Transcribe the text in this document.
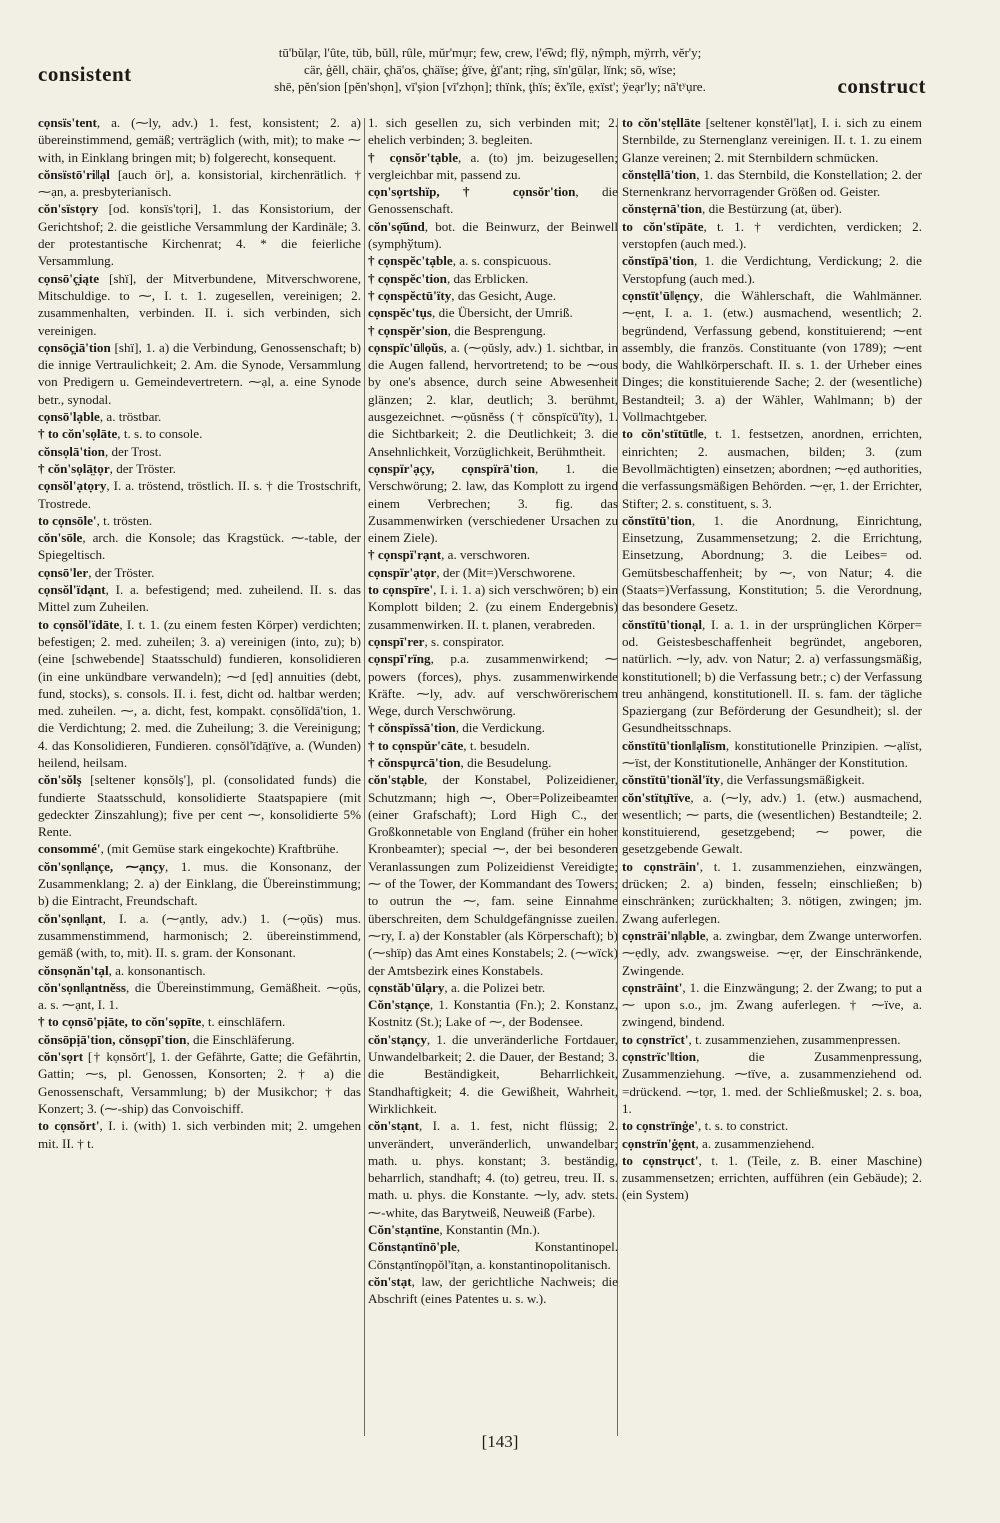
consistent
tū'bŭlạr, l'ûte, tŭb, bŭll, rûle, mŭr'mụr; few, crew, l'e͡wd; flÿ, nŷmph, mÿrrh, vĕr'y;
cär, ģĕll, chäir, ç̣hā'os, ç̣häïse; ģïve, ģ̣ï'ant; rị̈ng, sïn'gūlạr, lïnk; sō, wïse;
shē, pĕn'sion [pĕn'shọn], vī'șion [vī'zhọn]; thïnk, ţhïs; ĕx'ïle, e̤xïst'; ÿeạr'ly; nā'tʸụre.	construct

cọnsïs'tent, a. (⁓ly, adv.) 1. fest, konsistent; 2. a) übereinstimmend, gemäß; verträglich (with, mit); to make ⁓ with, in Einklang bringen mit; b) folgerecht, konsequent.

cŏnsïstō'ri‖ạl [auch ör], a. konsistorial, kirchenrätlich. † ⁓ạn, a. presbyterianisch.

cŏn'sïstọry [od. konsïs'tọri], 1. das Konsistorium, der Gerichtshof; 2. die geistliche Versammlung der Kardinäle; 3. der protestantische Kirchenrat; 4. * die feierliche Versammlung.

cọnsō'ç̣iąte [shï], der Mitverbundene, Mitverschworene, Mitschuldige. to ⁓, I. t. 1. zugesellen, vereinigen; 2. zusammenhalten, verbinden. II. i. sich verbinden, sich vereinigen.

cọnsōç̣iā'tion [shï], 1. a) die Verbindung, Genossenschaft; b) die innige Vertraulichkeit; 2. Am. die Synode, Versammlung von Predigern u. Gemeindevertretern. ⁓ạl, a. eine Synode betr., synodal.

cọnsō'lạble, a. tröstbar.

† to cŏn'sọlāte, t. s. to console.

cŏnsọlā'tion, der Trost.

† cŏn'sọlā̤tọr, der Tröster.

cọnsŏl'ạtọry, I. a. tröstend, tröstlich. II. s. † die Trostschrift, Trostrede.

to cọnsōle', t. trösten.

cŏn'sōle, arch. die Konsole; das Kragstück. ⁓-table, der Spiegeltisch.

cọnsō'ler, der Tröster.

cọnsŏl'ïdạnt, I. a. befestigend; med. zuheilend. II. s. das Mittel zum Zuheilen.

to cọnsŏl'ïdāte, I. t. 1. (zu einem festen Körper) verdichten; befestigen; 2. med. zuheilen; 3. a) vereinigen (into, zu); b) (eine [schwebende] Staatsschuld) fundieren, konsolidieren (in eine unkündbare verwandeln); ⁓d [ẹd] annuities (debt, fund, stocks), s. consols. II. i. fest, dicht od. haltbar werden; med. zuheilen. ⁓, a. dicht, fest, kompakt. cọnsŏlïdā'tion, 1. die Verdichtung; 2. med. die Zuheilung; 3. die Vereinigung; 4. das Konsolidieren, Fundieren. cọnsŏl'ïdā̤tïve, a. (Wunden) heilend, heilsam.

cŏn'sŏlș [seltener kọnsŏlș'], pl. (consolidated funds) die fundierte Staatsschuld, konsolidierte Staatspapiere (mit gedeckter Zinszahlung); five per cent ⁓, konsolidierte 5% Rente.

consommé', (mit Gemüse stark eingekochte) Kraftbrühe.

cŏn'sọn‖ạnçe, ⁓ạnçy, 1. mus. die Konsonanz, der Zusammenklang; 2. a) der Einklang, die Übereinstimmung; b) die Eintracht, Freundschaft.

cŏn'sọn‖ạnt, I. a. (⁓ạntly, adv.) 1. (⁓ọŭs) mus. zusammenstimmend, harmonisch; 2. übereinstimmend, gemäß (with, to, mit). II. s. gram. der Konsonant.

cŏnsọnăn'tạl, a. konsonantisch.

cŏn'sọn‖ạntnĕss, die Übereinstimmung, Gemäßheit. ⁓ọŭs, a. s. ⁓ạnt, I. 1.

† to cọnsō'pịāte, to cŏn'sọpīte, t. einschläfern.

cŏnsōpịā'tion, cŏnsọpī'tion, die Einschläferung.

cŏn'sọrt [† kọnsŏrt'], 1. der Gefährte, Gatte; die Gefährtin, Gattin; ⁓s, pl. Genossen, Konsorten; 2. † a) die Genossenschaft, Versammlung; b) der Musikchor; † das Konzert; 3. (⁓-ship) das Convoischiff.

to cọnsŏrt', I. i. (with) 1. sich verbinden mit; 2. umgehen mit. II. † t.

1. sich gesellen zu, sich verbinden mit; 2. ehelich verbinden; 3. begleiten.

† cọnsŏr'tạble, a. (to) jm. beizugesellen; vergleichbar mit, passend zu.

cọn'sọrtshïp, † cọnsŏr'tion, die Genossenschaft.

cŏn'sọ̄ŭnd, bot. die Beinwurz, der Beinwell (symphўtum).

† cọnspĕc'tạble, a. s. conspicuous.

† cọnspĕc'tion, das Erblicken.

† cọnspĕctū'ïty, das Gesicht, Auge.

cọnspĕc'tụs, die Übersicht, der Umriß.

† cọnspĕr'sion, die Besprengung.

cọnspïc'ū‖ọŭs, a. (⁓ọŭsly, adv.) 1. sichtbar, in die Augen fallend, hervortretend; to be ⁓ous by one's absence, durch seine Abwesenheit glänzen; 2. klar, deutlich; 3. berühmt, ausgezeichnet. ⁓ọŭsnĕss († cŏnspïcū'ïty), 1. die Sichtbarkeit; 2. die Deutlichkeit; 3. die Ansehnlichkeit, Vorzüglichkeit, Berühmtheit.

cọnspïr'ạçy, cọnspïrā'tion, 1. die Verschwörung; 2. law, das Komplott zu irgend einem Verbrechen; 3. fig. das Zusammenwirken (verschiedener Ursachen zu einem Ziele).

† cọnspï'rạnt, a. verschworen.

cọnspïr'ạtọr, der (Mit=)Verschworene.

to cọnspīre', I. i. 1. a) sich verschwören; b) ein Komplott bilden; 2. (zu einem Endergebnis) zusammenwirken. II. t. planen, verabreden.

cọnspī'rer, s. conspirator.

cọnspī'rïng, p.a. zusammenwirkend; ⁓ powers (forces), phys. zusammenwirkende Kräfte. ⁓ly, adv. auf verschwörerischem Wege, durch Verschwörung.

† cŏnspïssā'tion, die Verdickung.

† to cọnspŭr'cāte, t. besudeln.

† cŏnspụrcā'tion, die Besudelung.

cŏn'stạble, der Konstabel, Polizeidiener, Schutzmann; high ⁓, Ober=Polizeibeamter (einer Grafschaft); Lord High C., der Großkonnetable von England (früher ein hoher Kronbeamter); special ⁓, der bei besonderen Veranlassungen zum Polizeidienst Vereidigte; ⁓ of the Tower, der Kommandant des Towers; to outrun the ⁓, fam. seine Einnahme überschreiten, dem Schuldgefängnisse zueilen. ⁓ry, I. a) der Konstabler (als Körperschaft); b) (⁓shïp) das Amt eines Konstabels; 2. (⁓wïck) der Amtsbezirk eines Konstabels.

cọnstăb'ūlạry, a. die Polizei betr.

Cŏn'stạnçe, 1. Konstantia (Fn.); 2. Konstanz, Kostnitz (St.); Lake of ⁓, der Bodensee.

cŏn'stạnçy, 1. die unveränderliche Fortdauer, Unwandelbarkeit; 2. die Dauer, der Bestand; 3. die Beständigkeit, Beharrlichkeit, Standhaftigkeit; 4. die Gewißheit, Wahrheit, Wirklichkeit.

cŏn'stạnt, I. a. 1. fest, nicht flüssig; 2. unverändert, unveränderlich, unwandelbar; math. u. phys. konstant; 3. beständig, beharrlich, standhaft; 4. (to) getreu, treu. II. s. math. u. phys. die Konstante. ⁓ly, adv. stets. ⁓-white, das Barytweiß, Neuweiß (Farbe).

Cŏn'stạntïne, Konstantin (Mn.).

Cŏnstạntïnō'ple, Konstantinopel. Cŏnstạntïnọpŏl'ītạn, a. konstantinopolitanisch.

cŏn'stạt, law, der gerichtliche Nachweis; die Abschrift (eines Patentes u. s. w.).

to cŏn'stẹllāte [seltener kọnstĕl'lạt], I. i. sich zu einem Sternbilde, zu Sternenglanz vereinigen. II. t. 1. zu einem Glanze vereinen; 2. mit Sternbildern schmücken.

cŏnstẹllā'tion, 1. das Sternbild, die Konstellation; 2. der Sternenkranz hervorragender Größen od. Geister.

cŏnstẹrnā'tion, die Bestürzung (at, über).

to cŏn'stïpāte, t. 1. † verdichten, verdicken; 2. verstopfen (auch med.).

cŏnstïpā'tion, 1. die Verdichtung, Verdickung; 2. die Verstopfung (auch med.).

cọnstït'ū‖ẹnçy, die Wählerschaft, die Wahlmänner. ⁓ẹnt, I. a. 1. (etw.) ausmachend, wesentlich; 2. begründend, Verfassung gebend, konstituierend; ⁓ent assembly, die französ. Constituante (von 1789); ⁓ent body, die Wahlkörperschaft. II. s. 1. der Urheber eines Dinges; die konstituierende Sache; 2. der (wesentliche) Bestandteil; 3. a) der Wähler, Wahlmann; b) der Vollmachtgeber.

to cŏn'stïtūt‖e, t. 1. festsetzen, anordnen, errichten, einrichten; 2. ausmachen, bilden; 3. (zum Bevollmächtigten) einsetzen; abordnen; ⁓ẹd authorities, die verfassungsmäßigen Behörden. ⁓ẹr, 1. der Errichter, Stifter; 2. s. constituent, s. 3.

cŏnstïtū'tion, 1. die Anordnung, Einrichtung, Einsetzung, Zusammensetzung; 2. die Errichtung, Einsetzung, Abordnung; 3. die Leibes= od. Gemütsbeschaffenheit; by ⁓, von Natur; 4. die (Staats=)Verfassung, Konstitution; 5. die Verordnung, das besondere Gesetz.

cŏnstïtū'tionạl, I. a. 1. in der ursprünglichen Körper= od. Geistesbeschaffenheit begründet, angeboren, natürlich. ⁓ly, adv. von Natur; 2. a) verfassungsmäßig, konstitutionell; b) die Verfassung betr.; c) der Verfassung treu anhängend, konstitutionell. II. s. fam. der tägliche Spaziergang (zur Beförderung der Gesundheit); sl. der Gesundheitsschnaps.

cŏnstïtū'tion‖ạlïsm, konstitutionelle Prinzipien. ⁓ạlïst, ⁓ïst, der Konstitutionelle, Anhänger der Konstitution.

cŏnstïtū'tionăl'ïty, die Verfassungsmäßigkeit.

cŏn'stïtṳ̄tïve, a. (⁓ly, adv.) 1. (etw.) ausmachend, wesentlich; ⁓ parts, die (wesentlichen) Bestandteile; 2. konstituierend, gesetzgebend; ⁓ power, die gesetzgebende Gewalt.

to cọnstrāin', t. 1. zusammenziehen, einzwängen, drücken; 2. a) binden, fesseln; einschließen; b) einschränken; zurückhalten; 3. nötigen, zwingen; jm. Zwang auferlegen.

cọnstrāi'n‖ạble, a. zwingbar, dem Zwange unterworfen. ⁓ẹdly, adv. zwangsweise. ⁓ẹr, der Einschränkende, Zwingende.

cọnstrāint', 1. die Einzwängung; 2. der Zwang; to put a ⁓ upon s.o., jm. Zwang auferlegen. † ⁓ïve, a. zwingend, bindend.

to cọnstrïct', t. zusammenziehen, zusammenpressen.

cọnstrïc'‖tion, die Zusammenpressung, Zusammenziehung. ⁓tïve, a. zusammenziehend od. =drückend. ⁓tọr, 1. med. der Schließmuskel; 2. s. boa, 1.

to cọnstrïnġe', t. s. to constrict.

cọnstrïn'ġẹnt, a. zusammenziehend.

to cọnstrụct', t. 1. (Teile, z. B. einer Maschine) zusammensetzen; errichten, aufführen (ein Gebäude); 2. (ein System)

[143]
